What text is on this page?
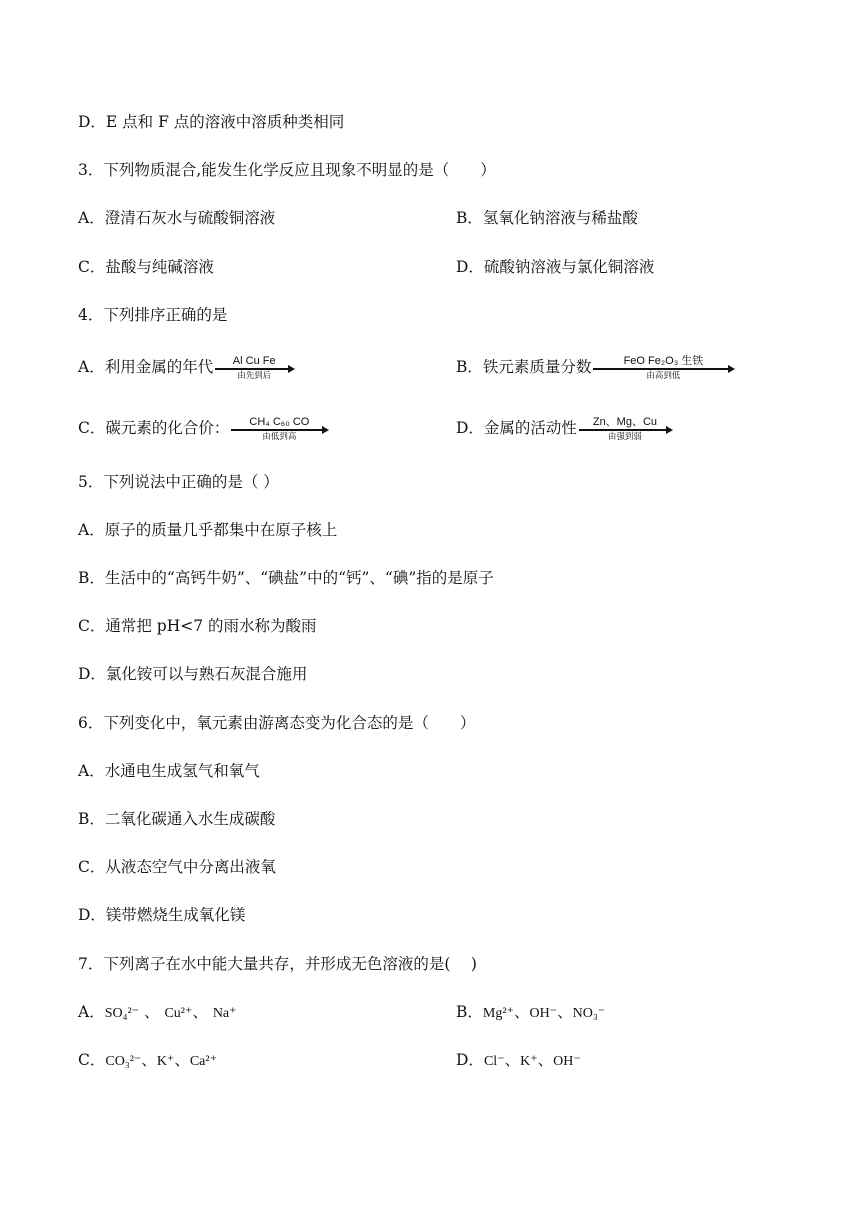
D．E 点和 F 点的溶液中溶质种类相同
3．下列物质混合,能发生化学反应且现象不明显的是（　　）
A．澄清石灰水与硫酸铜溶液	B．氢氧化钠溶液与稀盐酸
C．盐酸与纯碱溶液	D．硫酸钠溶液与氯化铜溶液
4．下列排序正确的是
A．利用金属的年代	Al Cu Fe
由先到后	B．铁元素质量分数	FeO Fe₂O₃ 生铁
由高到低
C．碳元素的化合价：	CH₄ C₆₀ CO
由低到高	D．金属的活动性	Zn、Mg、Cu
由强到弱
5．下列说法中正确的是（ ）
A．原子的质量几乎都集中在原子核上
B．生活中的“高钙牛奶”、“碘盐”中的“钙”、“碘”指的是原子
C．通常把 pH<7 的雨水称为酸雨
D．氯化铵可以与熟石灰混合施用
6．下列变化中，氧元素由游离态变为化合态的是（　　）
A．水通电生成氢气和氧气
B．二氧化碳通入水生成碳酸
C．从液态空气中分离出液氧
D．镁带燃烧生成氧化镁
7．下列离子在水中能大量共存，并形成无色溶液的是(　 )
A．SO₄²⁻ 、 Cu²⁺、 Na⁺	B．Mg²⁺、OH⁻、NO₃⁻
C．CO₃²⁻、K⁺、Ca²⁺	D．Cl⁻、K⁺、OH⁻
